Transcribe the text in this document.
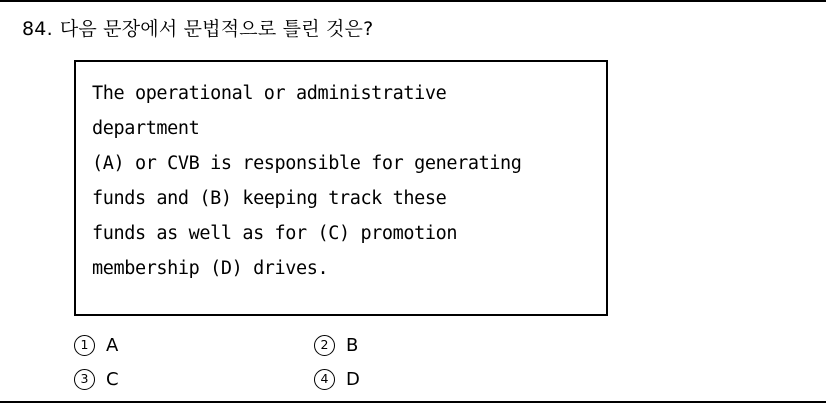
84. 다음 문장에서 문법적으로 틀린 것은?
The operational or administrative
department
(A) or CVB is responsible for generating
funds and (B) keeping track these
funds as well as for (C) promotion
membership (D) drives.
1 A	2 B
3 C	4 D
